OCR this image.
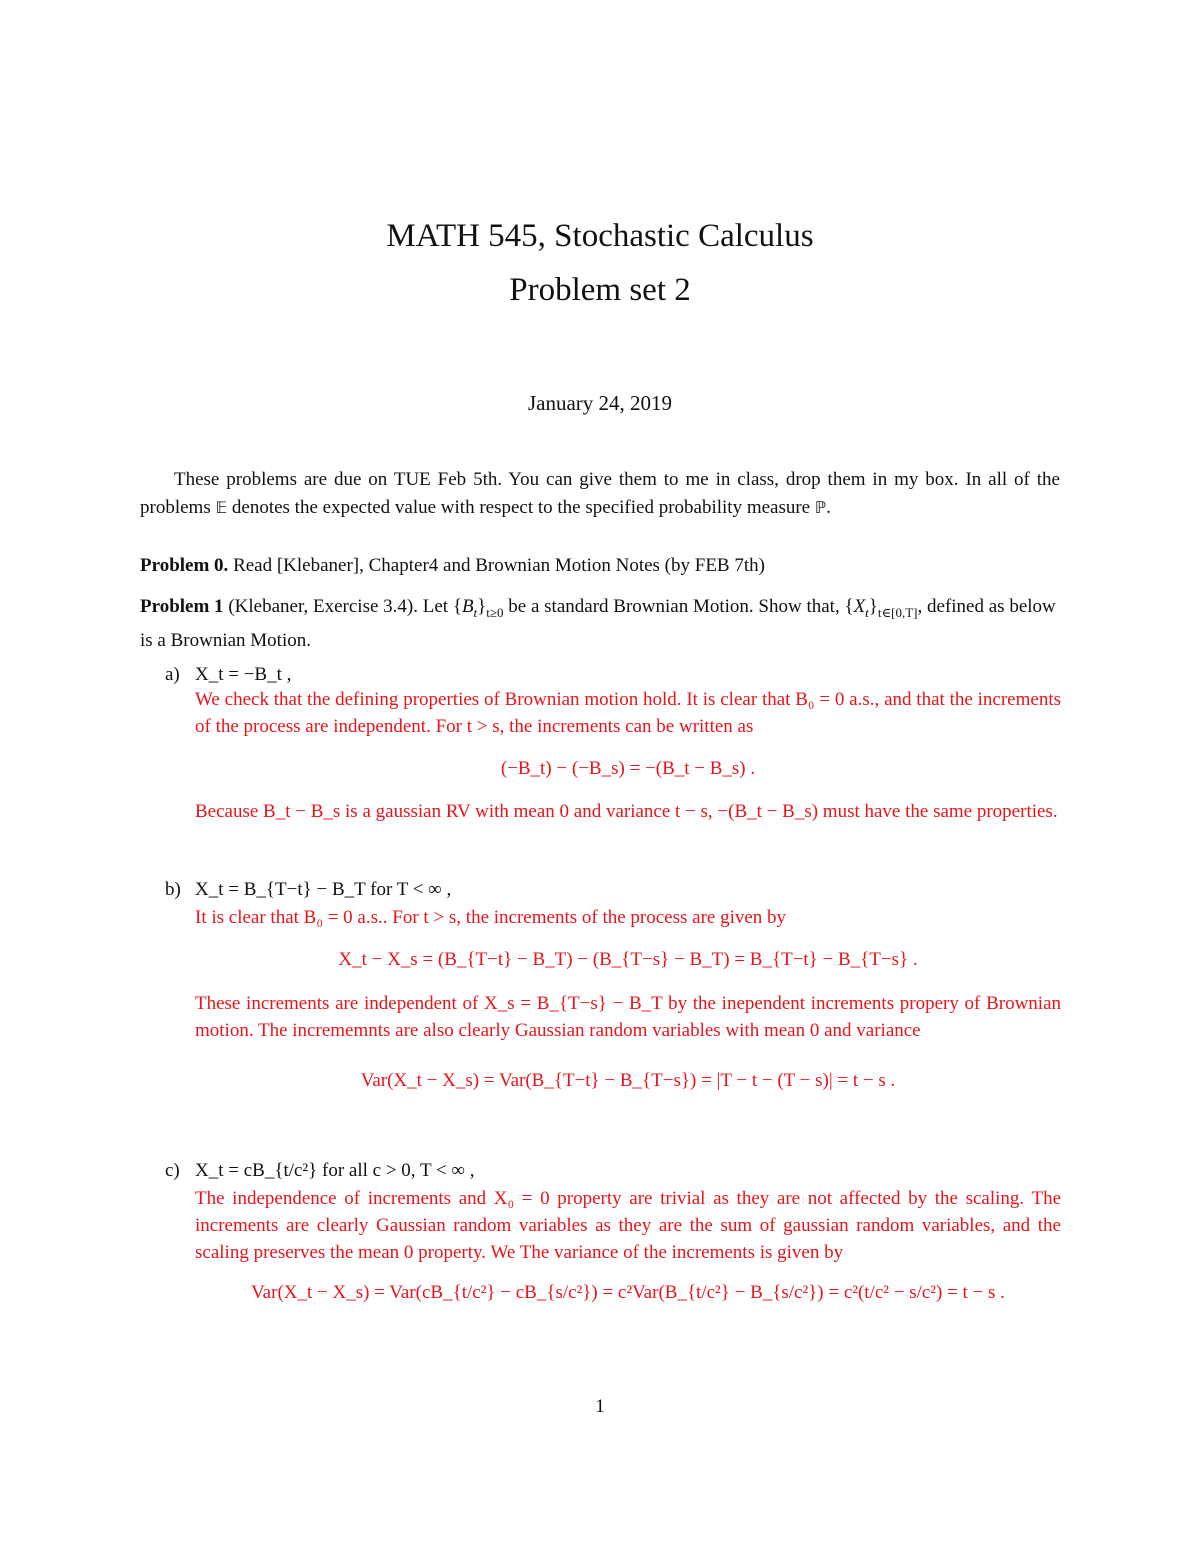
MATH 545, Stochastic Calculus
Problem set 2
January 24, 2019
These problems are due on TUE Feb 5th. You can give them to me in class, drop them in my box. In all of the problems 𝔼 denotes the expected value with respect to the specified probability measure ℙ.
Problem 0. Read [Klebaner], Chapter4 and Brownian Motion Notes (by FEB 7th)
Problem 1 (Klebaner, Exercise 3.4). Let $\{B_t\}_{t\ge 0}$ be a standard Brownian Motion. Show that, $\{X_t\}_{t\in[0,T]}$, defined as below is a Brownian Motion.
a) X_t = −B_t ,
We check that the defining properties of Brownian motion hold. It is clear that B₀ = 0 a.s., and that the increments of the process are independent. For t > s, the increments can be written as
(−B_t) − (−B_s) = −(B_t − B_s) .
Because B_t − B_s is a gaussian RV with mean 0 and variance t − s, −(B_t − B_s) must have the same properties.
b) X_t = B_{T−t} − B_T for T < ∞ ,
It is clear that B₀ = 0 a.s.. For t > s, the increments of the process are given by
X_t − X_s = (B_{T−t} − B_T) − (B_{T−s} − B_T) = B_{T−t} − B_{T−s} .
These increments are independent of X_s = B_{T−s} − B_T by the inependent increments propery of Brownian motion. The incrememnts are also clearly Gaussian random variables with mean 0 and variance
Var(X_t − X_s) = Var(B_{T−t} − B_{T−s}) = |T − t − (T − s)| = t − s .
c) X_t = cB_{t/c²} for all c > 0, T < ∞ ,
The independence of increments and X₀ = 0 property are trivial as they are not affected by the scaling. The increments are clearly Gaussian random variables as they are the sum of gaussian random variables, and the scaling preserves the mean 0 property. We The variance of the increments is given by
Var(X_t − X_s) = Var(cB_{t/c²} − cB_{s/c²}) = c²Var(B_{t/c²} − B_{s/c²}) = c²(t/c² − s/c²) = t − s .
1
